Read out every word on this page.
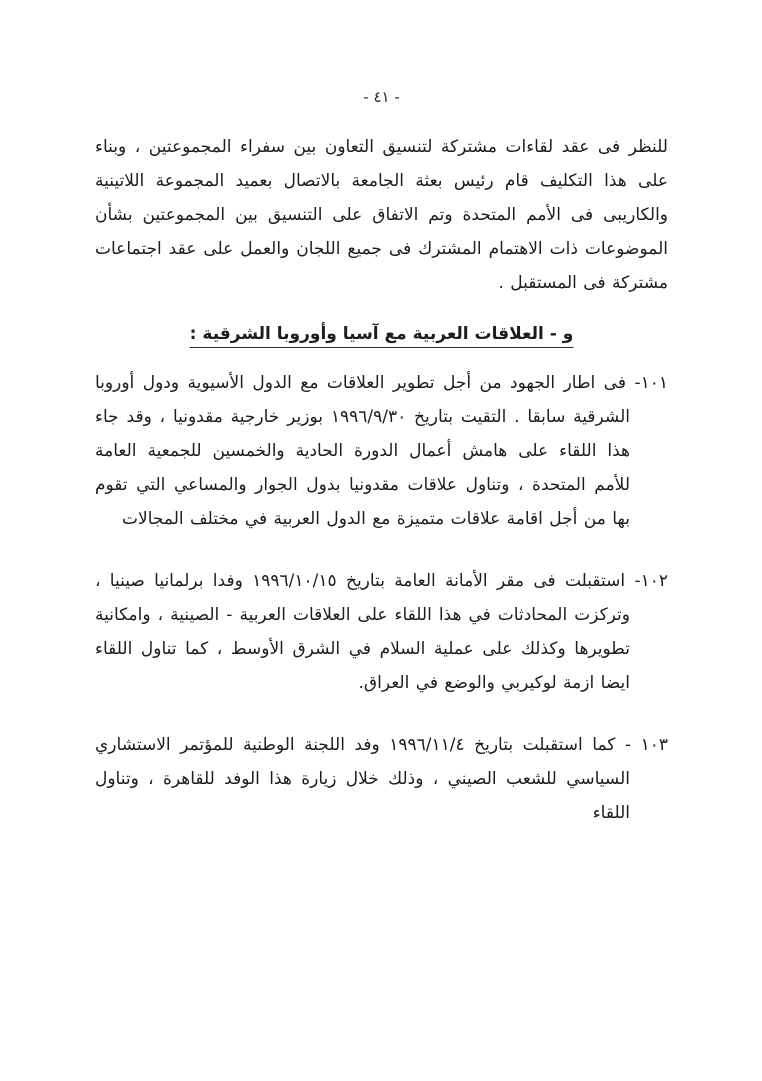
- ٤١ -

للنظر فى عقد لقاءات مشتركة لتنسيق التعاون بين سفراء المجموعتين ، وبناء على هذا التكليف قام رئيس بعثة الجامعة بالاتصال بعميد المجموعة اللاتينية والكاريبى فى الأمم المتحدة وتم الاتفاق على التنسيق بين المجموعتين بشأن الموضوعات ذات الاهتمام المشترك فى جميع اللجان والعمل على عقد اجتماعات مشتركة فى المستقبل .

و - العلاقات العربية مع آسيا وأوروبا الشرقية :

١٠١-فى اطار الجهود من أجل تطوير العلاقات مع الدول الأسيوية ودول أوروبا الشرقية سابقا . التقيت بتاريخ ١٩٩٦/٩/٣٠ بوزير خارجية مقدونيا ، وقد جاء هذا اللقاء على هامش أعمال الدورة الحادية والخمسين للجمعية العامة للأمم المتحدة ، وتناول علاقات مقدونيا بدول الجوار والمساعي التي تقوم بها من أجل اقامة علاقات متميزة مع الدول العربية في مختلف المجالات

١٠٢-استقبلت فى مقر الأمانة العامة بتاريخ ١٩٩٦/١٠/١٥ وفدا برلمانيا صينيا ، وتركزت المحادثات في هذا اللقاء على العلاقات العربية - الصينية ، وامكانية تطويرها وكذلك على عملية السلام في الشرق الأوسط ، كما تناول اللقاء ايضا ازمة لوكيربي والوضع في العراق.

١٠٣ -كما استقبلت بتاريخ ١٩٩٦/١١/٤ وفد اللجنة الوطنية للمؤتمر الاستشاري السياسي للشعب الصيني ، وذلك خلال زيارة هذا الوفد للقاهرة ، وتناول اللقاء
